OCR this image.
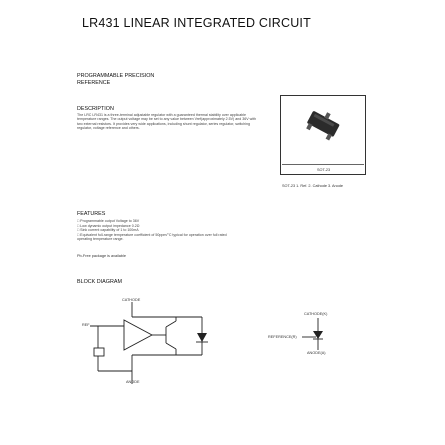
LR431 LINEAR INTEGRATED CIRCUIT
PROGRAMMABLE PRECISION
REFERENCE
DESCRIPTION
The LRC LR431 is a three-terminal adjustable regulator with a guaranteed thermal stability over applicable temperature ranges. The output voltage may be set to any value between Vref(approximately 2.5V) and 36V with two external resistors. It provides very wide applications, including shunt regulator, series regulator, switching regulator, voltage reference and others.
FEATURES
□ Programmable output Voltage to 36V
□ Low dynamic output impedance 0.2Ω
□ Sink current capability of 1 to 100mA
□ Equivalent full-range temperature coefficient of 50ppm/°C typical for operation over full rated operating temperature range.
Pb-Free package is available
BLOCK DIAGRAM
SOT-23
SOT-23 1. Ref. 2. Cathode 3. Anode
CATHODE
REF
ANODE
CATHODE(K)
REFERENCE(R)
ANODE(A)
